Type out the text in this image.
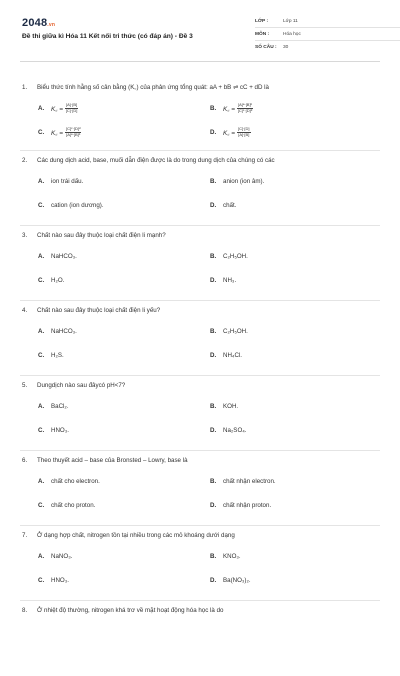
2048.vn
Đề thi giữa kì Hóa 11 Kết nối tri thức (có đáp án) - Đề 3
LỚP :	Lớp 11
MÔN :	Hóa học
SỐ CÂU :	30
1. Biểu thức tính hằng số cân bằng (K꜀) của phản ứng tổng quát: aA + bB ⇌ cC + dD là
A.	K꜀ = $\frac{[A]\cdot[B]}{[C]\cdot[D]}$	B.	K꜀ = $\frac{\text{[A]ᵃ·[B]ᵇ}}{\text{[C]ᶜ·[D]ᵈ}}$
C.	K꜀ = $\frac{\text{[C]ᶜ·[D]ᵈ}}{\text{[A]ᵃ·[B]ᵇ}}$	D.	K꜀ = $\frac{[C]\cdot[D]}{[A]\cdot[B]}$
2. Các dung dịch acid, base, muối dẫn điện được là do trong dung dịch của chúng có các
A.	ion trái dấu.	B.	anion (ion âm).
C.	cation (ion dương).	D.	chất.
3. Chất nào sau đây thuộc loại chất điện li mạnh?
A.	NaHCO₃.	B.	C₂H₅OH.
C.	H₂O.	D.	NH₃.
4. Chất nào sau đây thuộc loại chất điện li yếu?
A.	NaHCO₃.	B.	C₂H₅OH.
C.	H₂S.	D.	NH₄Cl.
5. Dungdịch nào sau đâycó pH<7?
A.	BaCl₂.	B.	KOH.
C.	HNO₃.	D.	Na₂SO₄.
6. Theo thuyết acid – base của Bronsted – Lowry, base là
A.	chất cho electron.	B.	chất nhận electron.
C.	chất cho proton.	D.	chất nhận proton.
7. Ở dạng hợp chất, nitrogen tồn tại nhiều trong các mỏ khoáng dưới dạng
A.	NaNO₃.	B.	KNO₃.
C.	HNO₃.	D.	Ba(NO₃)₂.
8. Ở nhiệt độ thường, nitrogen khá trơ về mặt hoạt động hóa học là do
